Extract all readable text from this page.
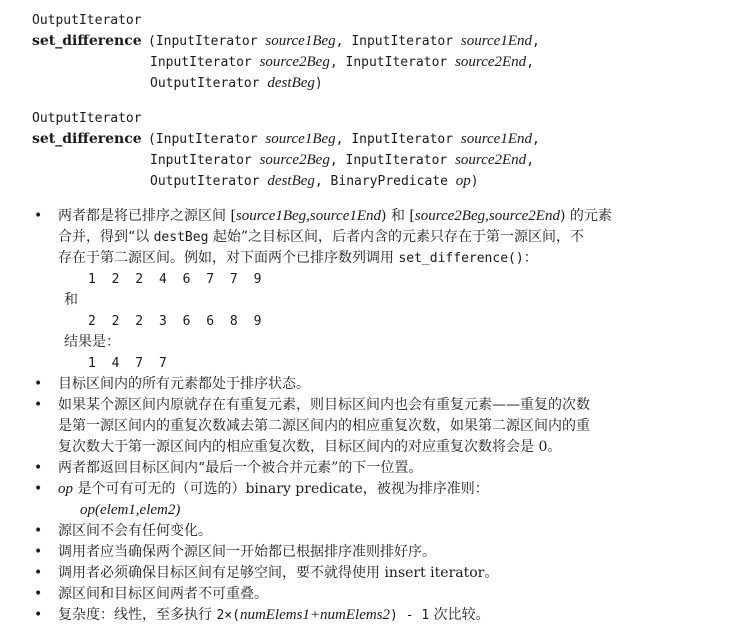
OutputIterator
set_difference (InputIterator source1Beg, InputIterator source1End,
InputIterator source2Beg, InputIterator source2End,
OutputIterator destBeg)
OutputIterator
set_difference (InputIterator source1Beg, InputIterator source1End,
InputIterator source2Beg, InputIterator source2End,
OutputIterator destBeg, BinaryPredicate op)
• 两者都是将已排序之源区间 [source1Beg,source1End) 和 [source2Beg,source2End) 的元素
合并，得到“以 destBeg 起始”之目标区间，后者内含的元素只存在于第一源区间，不
存在于第二源区间。例如，对下面两个已排序数列调用 set_difference()：
1 2 2 4 6 7 7 9
和
2 2 2 3 6 6 8 9
结果是：
1 4 7 7
• 目标区间内的所有元素都处于排序状态。
• 如果某个源区间内原就存在有重复元素，则目标区间内也会有重复元素——重复的次数
是第一源区间内的重复次数减去第二源区间内的相应重复次数，如果第二源区间内的重
复次数大于第一源区间内的相应重复次数，目标区间内的对应重复次数将会是 0。
• 两者都返回目标区间内“最后一个被合并元素”的下一位置。
• op 是个可有可无的（可选的）binary predicate，被视为排序准则：
op(elem1,elem2)
• 源区间不会有任何变化。
• 调用者应当确保两个源区间一开始都已根据排序准则排好序。
• 调用者必须确保目标区间有足够空间，要不就得使用 insert iterator。
• 源区间和目标区间两者不可重叠。
• 复杂度：线性，至多执行 2×(numElems1+numElems2) - 1 次比较。
